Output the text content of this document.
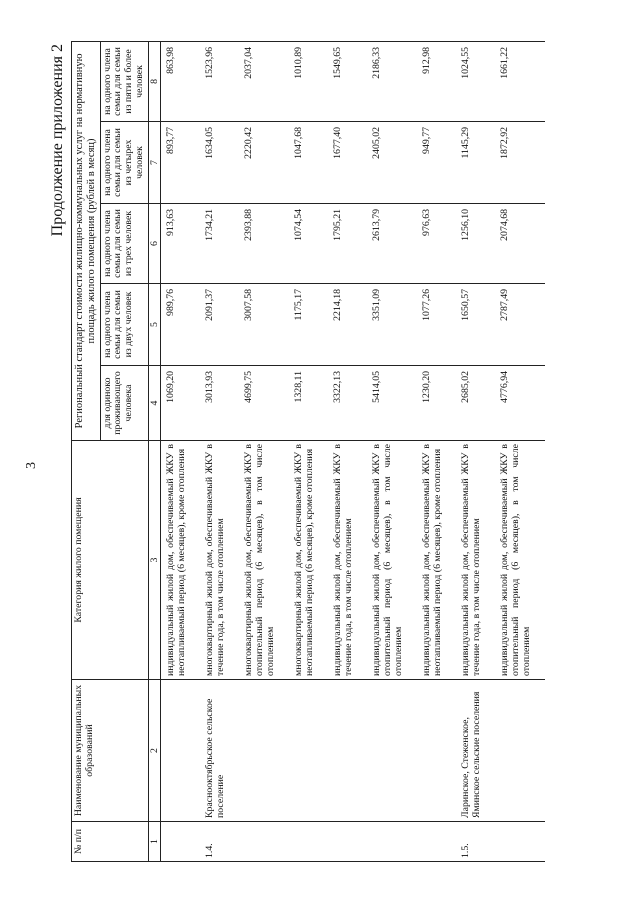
3
Продолжение приложения 2
№ п/п	Наименование муниципальных образований	Категория жилого помещения	Региональный стандарт стоимости жилищно-коммунальных услуг на нормативную площадь жилого помещения (рублей в месяц)				
			для одиноко проживающего человека	на одного члена семьи для семьи из двух человек	на одного члена семьи для семьи из трех человек	на одного члена семьи для семьи из четырех человек	на одного члена семьи для семьи из пяти и более человек
1	2	3	4	5	6	7	8
		индивидуальный жилой дом, обеспечиваемый ЖКУ в неотапливаемый период (6 месяцев), кроме отопления	1069,20	989,76	913,63	893,77	863,98
1.4.	Краснооктябрьское сельское поселение	многоквартирный жилой дом, обеспечиваемый ЖКУ в течение года, в том числе отоплением	3013,93	2091,37	1734,21	1634,05	1523,96
		многоквартирный жилой дом, обеспечиваемый ЖКУ в отопительный период (6 месяцев), в том числе отоплением	4699,75	3007,58	2393,88	2220,42	2037,04
		многоквартирный жилой дом, обеспечиваемый ЖКУ в неотапливаемый период (6 месяцев), кроме отопления	1328,11	1175,17	1074,54	1047,68	1010,89
		индивидуальный жилой дом, обеспечиваемый ЖКУ в течение года, в том числе отоплением	3322,13	2214,18	1795,21	1677,40	1549,65
		индивидуальный жилой дом, обеспечиваемый ЖКУ в отопительный период (6 месяцев), в том числе отоплением	5414,05	3351,09	2613,79	2405,02	2186,33
		индивидуальный жилой дом, обеспечиваемый ЖКУ в неотапливаемый период (6 месяцев), кроме отопления	1230,20	1077,26	976,63	949,77	912,98
1.5.	Ларинское, Стеженское, Яминское сельские поселения	индивидуальный жилой дом, обеспечиваемый ЖКУ в течение года, в том числе отоплением	2685,02	1650,57	1256,10	1145,29	1024,55
		индивидуальный жилой дом, обеспечиваемый ЖКУ в отопительный период (6 месяцев), в том числе отоплением	4776,94	2787,49	2074,68	1872,92	1661,22
